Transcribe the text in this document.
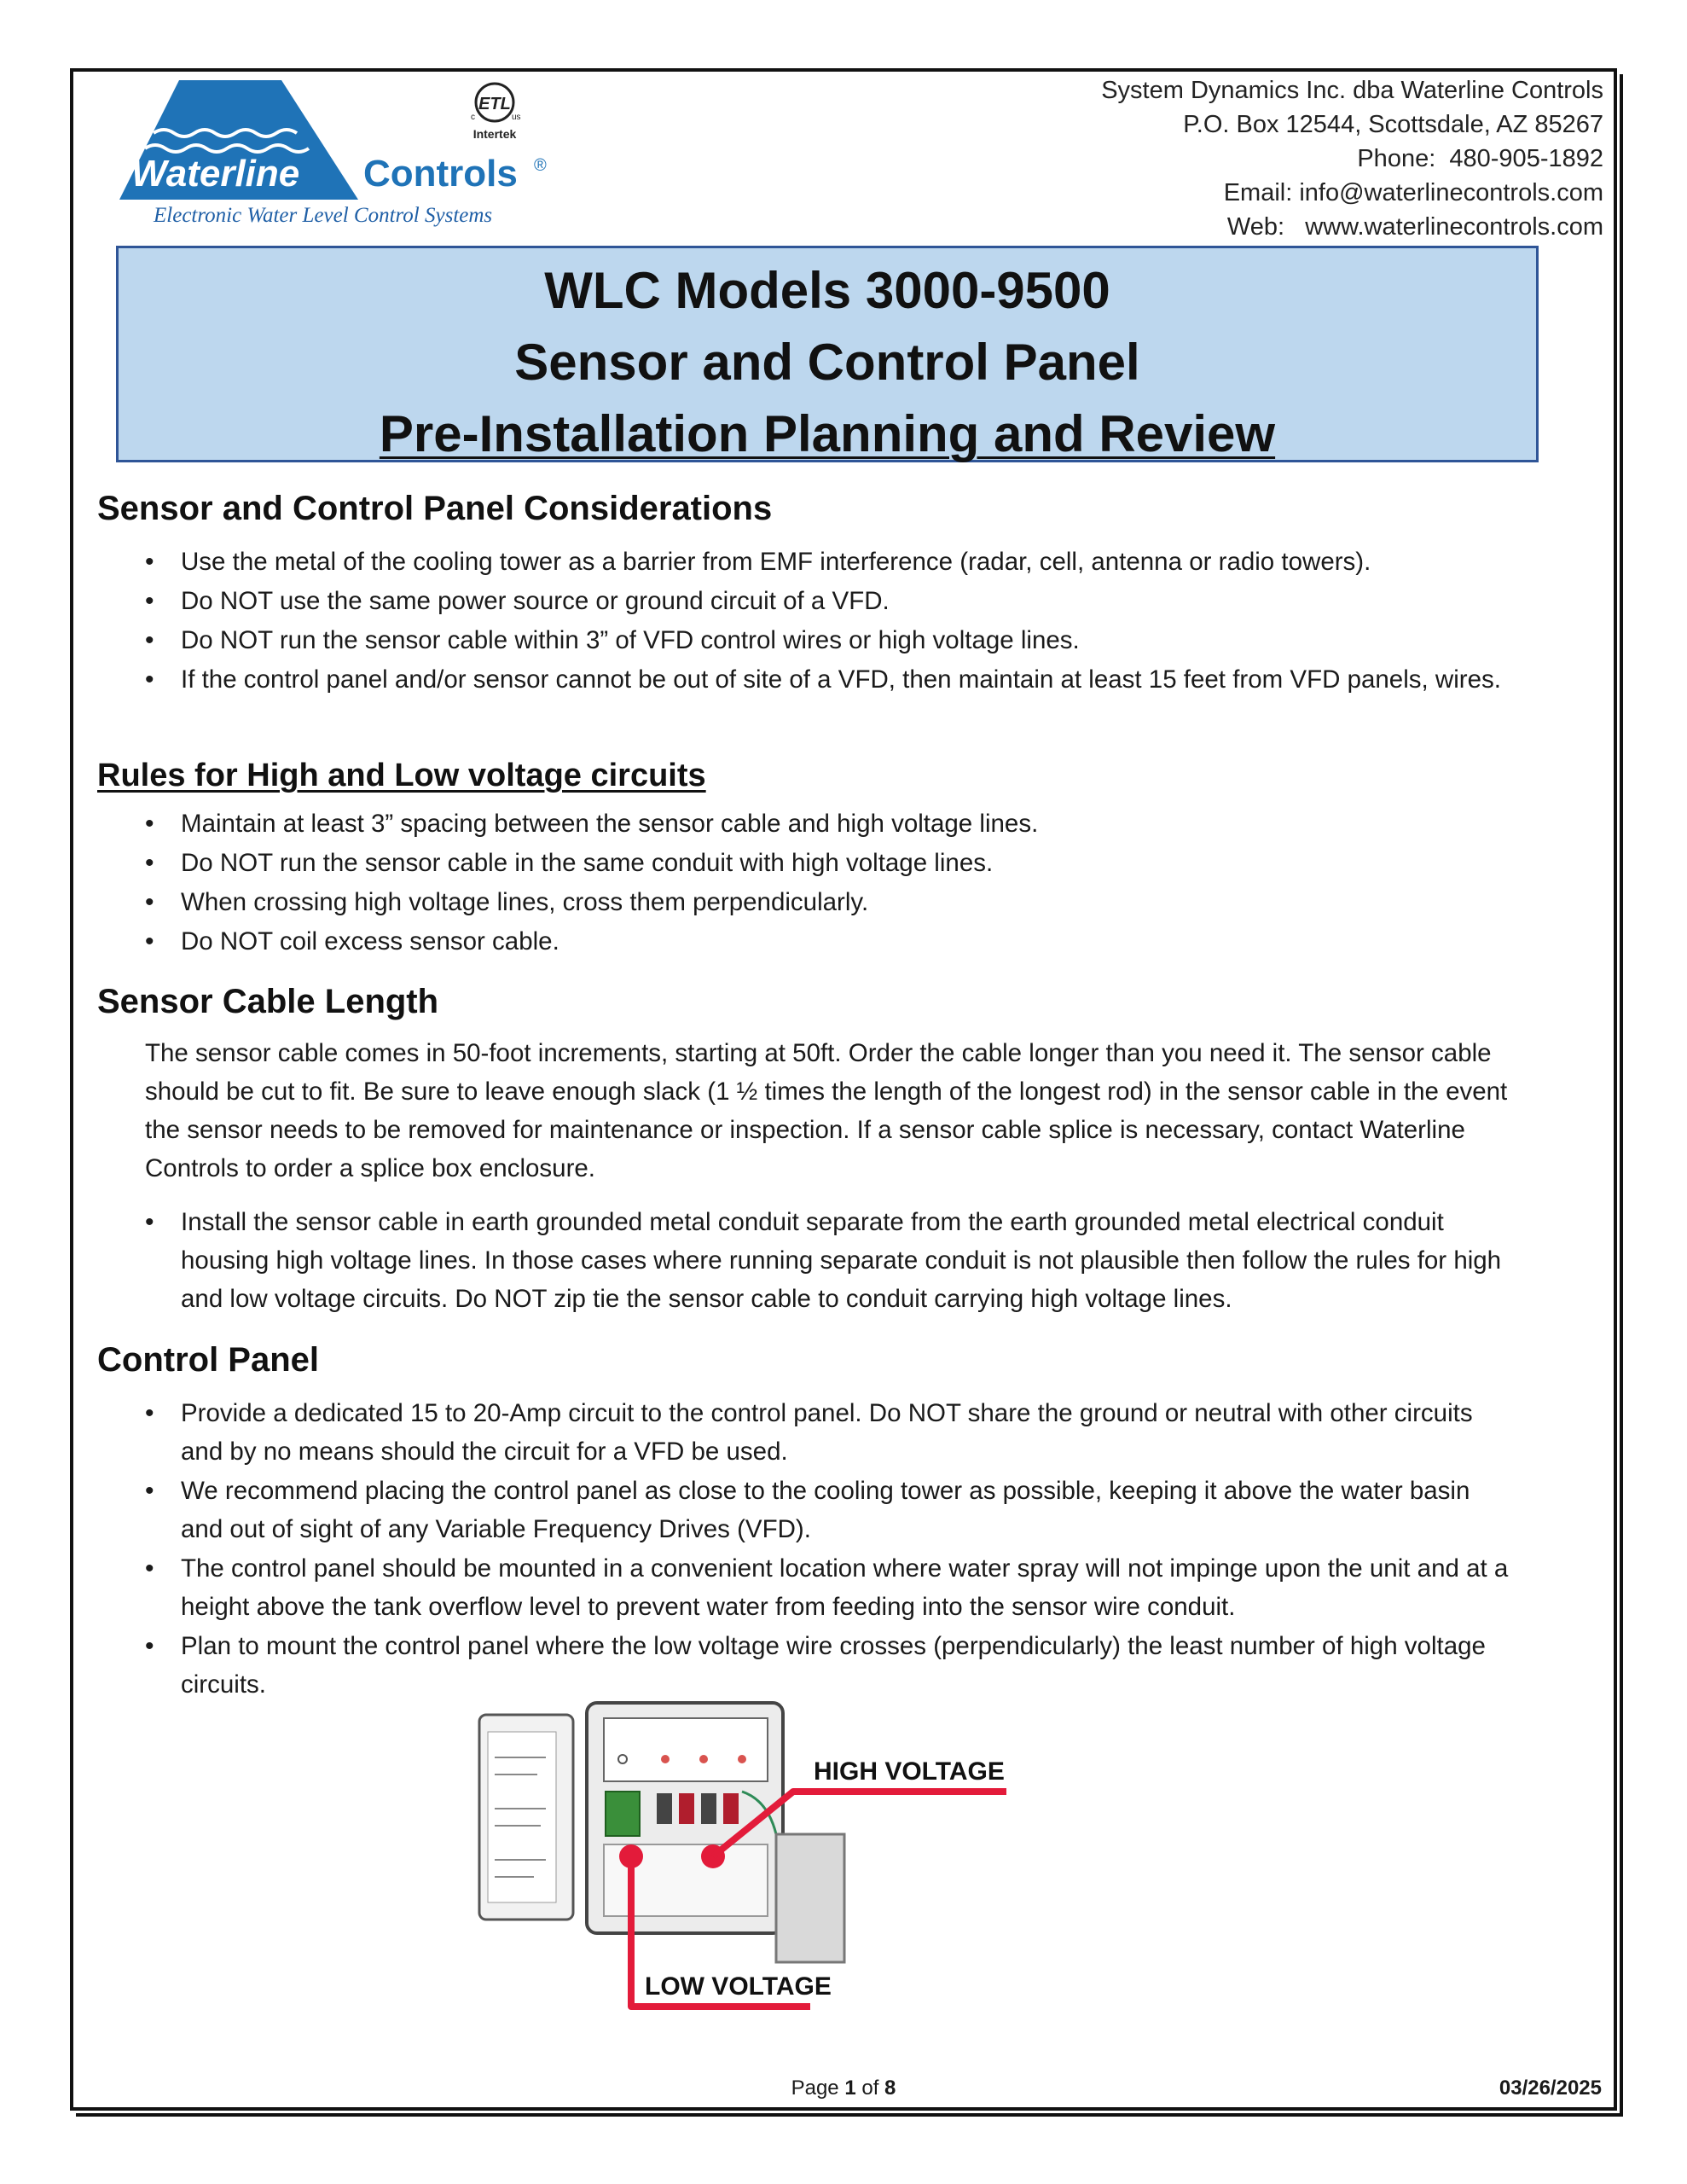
Waterline Controls ®
Electronic Water Level Control Systems
ETL
c	us
Intertek
System Dynamics Inc. dba Waterline Controls
P.O. Box 12544, Scottsdale, AZ 85267
Phone: 480-905-1892
Email: info@waterlinecontrols.com
Web: www.waterlinecontrols.com
WLC Models 3000-9500
Sensor and Control Panel
Pre-Installation Planning and Review
Sensor and Control Panel Considerations
• Use the metal of the cooling tower as a barrier from EMF interference (radar, cell, antenna or radio towers).
• Do NOT use the same power source or ground circuit of a VFD.
• Do NOT run the sensor cable within 3” of VFD control wires or high voltage lines.
• If the control panel and/or sensor cannot be out of site of a VFD, then maintain at least 15 feet from VFD panels, wires.
Rules for High and Low voltage circuits
• Maintain at least 3” spacing between the sensor cable and high voltage lines.
• Do NOT run the sensor cable in the same conduit with high voltage lines.
• When crossing high voltage lines, cross them perpendicularly.
• Do NOT coil excess sensor cable.
Sensor Cable Length
The sensor cable comes in 50-foot increments, starting at 50ft. Order the cable longer than you need it. The sensor cable should be cut to fit. Be sure to leave enough slack (1 ½ times the length of the longest rod) in the sensor cable in the event the sensor needs to be removed for maintenance or inspection. If a sensor cable splice is necessary, contact Waterline Controls to order a splice box enclosure.
• Install the sensor cable in earth grounded metal conduit separate from the earth grounded metal electrical conduit housing high voltage lines. In those cases where running separate conduit is not plausible then follow the rules for high and low voltage circuits. Do NOT zip tie the sensor cable to conduit carrying high voltage lines.
Control Panel
• Provide a dedicated 15 to 20-Amp circuit to the control panel. Do NOT share the ground or neutral with other circuits and by no means should the circuit for a VFD be used.
• We recommend placing the control panel as close to the cooling tower as possible, keeping it above the water basin and out of sight of any Variable Frequency Drives (VFD).
• The control panel should be mounted in a convenient location where water spray will not impinge upon the unit and at a height above the tank overflow level to prevent water from feeding into the sensor wire conduit.
• Plan to mount the control panel where the low voltage wire crosses (perpendicularly) the least number of high voltage circuits.
HIGH VOLTAGE
LOW VOLTAGE
Page 1 of 8	03/26/2025
